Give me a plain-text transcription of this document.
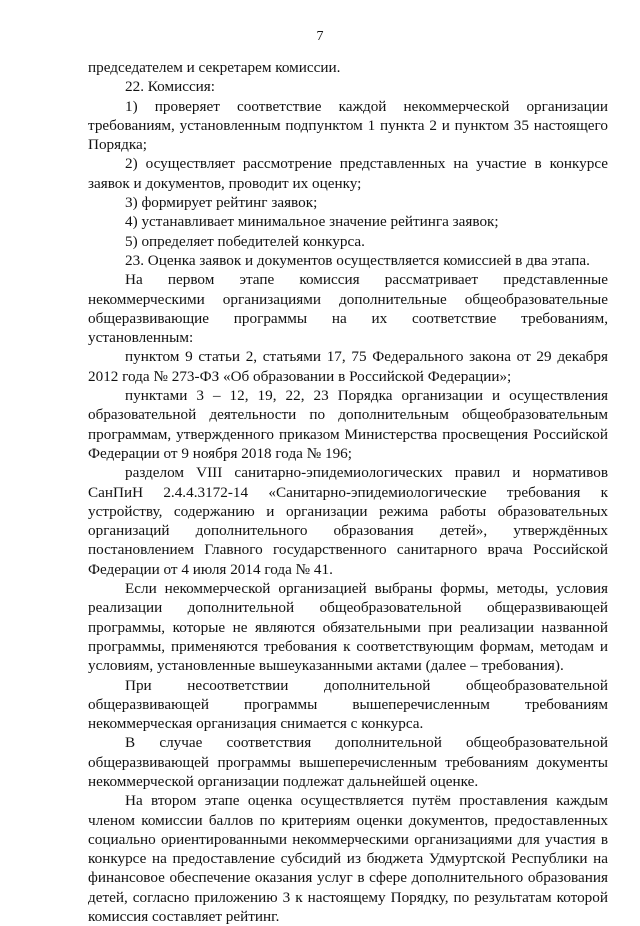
7

председателем и секретарем комиссии.

22. Комиссия:

1) проверяет соответствие каждой некоммерческой организации требованиям, установленным подпунктом 1 пункта 2 и пунктом 35 настоящего Порядка;

2) осуществляет рассмотрение представленных на участие в конкурсе заявок и документов, проводит их оценку;

3) формирует рейтинг заявок;

4) устанавливает минимальное значение рейтинга заявок;

5) определяет победителей конкурса.

23. Оценка заявок и документов осуществляется комиссией в два этапа.

На первом этапе комиссия рассматривает представленные некоммерческими организациями дополнительные общеобразовательные общеразвивающие программы на их соответствие требованиям, установленным:

пунктом 9 статьи 2, статьями 17, 75 Федерального закона от 29 декабря 2012 года № 273-ФЗ «Об образовании в Российской Федерации»;

пунктами 3 – 12, 19, 22, 23 Порядка организации и осуществления образовательной деятельности по дополнительным общеобразовательным программам, утвержденного приказом Министерства просвещения Российской Федерации от 9 ноября 2018 года № 196;

разделом VIII санитарно-эпидемиологических правил и нормативов СанПиН 2.4.4.3172-14 «Санитарно-эпидемиологические требования к устройству, содержанию и организации режима работы образовательных организаций дополнительного образования детей», утверждённых постановлением Главного государственного санитарного врача Российской Федерации от 4 июля 2014 года № 41.

Если некоммерческой организацией выбраны формы, методы, условия реализации дополнительной общеобразовательной общеразвивающей программы, которые не являются обязательными при реализации названной программы, применяются требования к соответствующим формам, методам и условиям, установленные вышеуказанными актами (далее – требования).

При несоответствии дополнительной общеобразовательной общеразвивающей программы вышеперечисленным требованиям некоммерческая организация снимается с конкурса.

В случае соответствия дополнительной общеобразовательной общеразвивающей программы вышеперечисленным требованиям документы некоммерческой организации подлежат дальнейшей оценке.

На втором этапе оценка осуществляется путём проставления каждым членом комиссии баллов по критериям оценки документов, предоставленных социально ориентированными некоммерческими организациями для участия в конкурсе на предоставление субсидий из бюджета Удмуртской Республики на финансовое обеспечение оказания услуг в сфере дополнительного образования детей, согласно приложению 3 к настоящему Порядку, по результатам которой комиссия составляет рейтинг.
